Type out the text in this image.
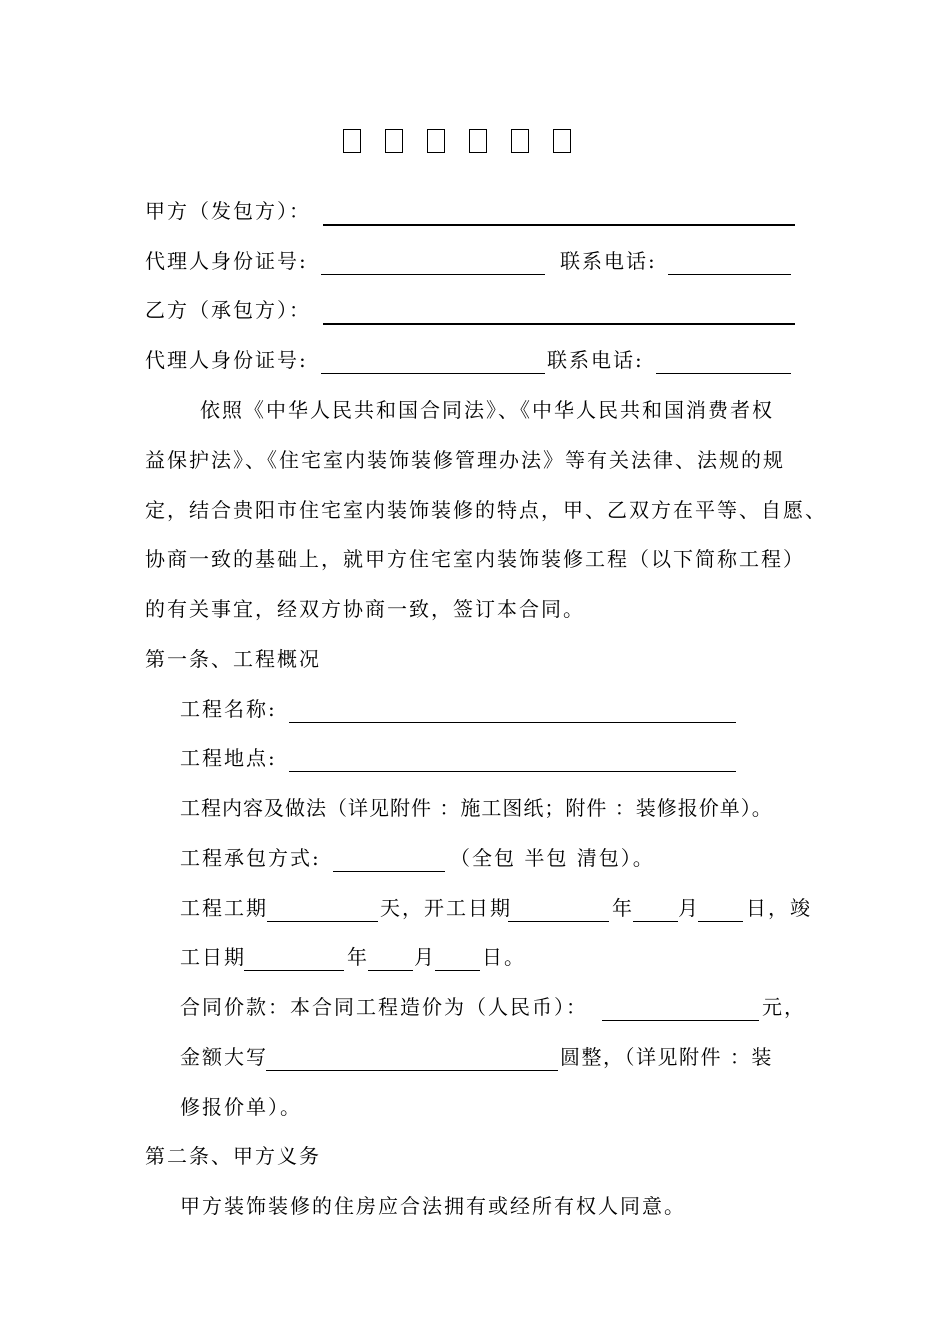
甲方（发包方）：
代理人身份证号:	联系电话:
乙方（承包方）：
代理人身份证号:	联系电话:
依照《中华人民共和国合同法》、《中华人民共和国消费者权
益保护法》、《住宅室内装饰装修管理办法》等有关法律、法规的规
定，结合贵阳市住宅室内装饰装修的特点，甲、乙双方在平等、自愿、
协商一致的基础上，就甲方住宅室内装饰装修工程（以下简称工程）
的有关事宜，经双方协商一致，签订本合同。
第一条、工程概况
工程名称:
工程地点:
工程内容及做法（详见附件 ：施工图纸；附件 ：装修报价单）。
工程承包方式:	（全包 半包 清包）。
工程工期	天，开工日期	年 月 日，竣
工日期	年 月 日。
合同价款：本合同工程造价为（人民币）：	元，
金额大写	圆整，（详见附件 ：装
修报价单）。
第二条、甲方义务
甲方装饰装修的住房应合法拥有或经所有权人同意。
